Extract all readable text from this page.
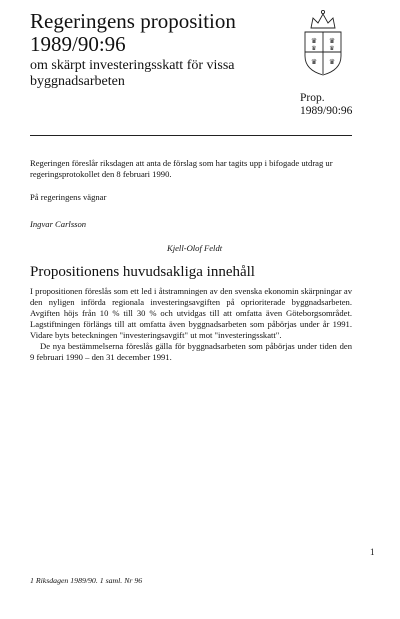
Regeringens proposition
1989/90:96
om skärpt investeringsskatt för vissa byggnadsarbeten
♛ ♛
♛ ♛
♛ ♛
Prop.
1989/90:96
Regeringen föreslår riksdagen att anta de förslag som har tagits upp i bifogade utdrag ur regeringsprotokollet den 8 februari 1990.
På regeringens vägnar
Ingvar Carlsson
Kjell-Olof Feldt
Propositionens huvudsakliga innehåll

I propositionen föreslås som ett led i åtstramningen av den svenska ekonomin skärpningar av den nyligen införda regionala investeringsavgiften på oprioriterade byggnadsarbeten. Avgiften höjs från 10 % till 30 % och utvidgas till att omfatta även Göteborgsområdet. Lagstiftningen förlängs till att omfatta även byggnadsarbeten som påbörjas under år 1991. Vidare byts beteckningen "investeringsavgift" ut mot "investeringsskatt".

De nya bestämmelserna föreslås gälla för byggnadsarbeten som påbörjas under tiden den 9 februari 1990 – den 31 december 1991.

1
1 Riksdagen 1989/90. 1 saml. Nr 96
